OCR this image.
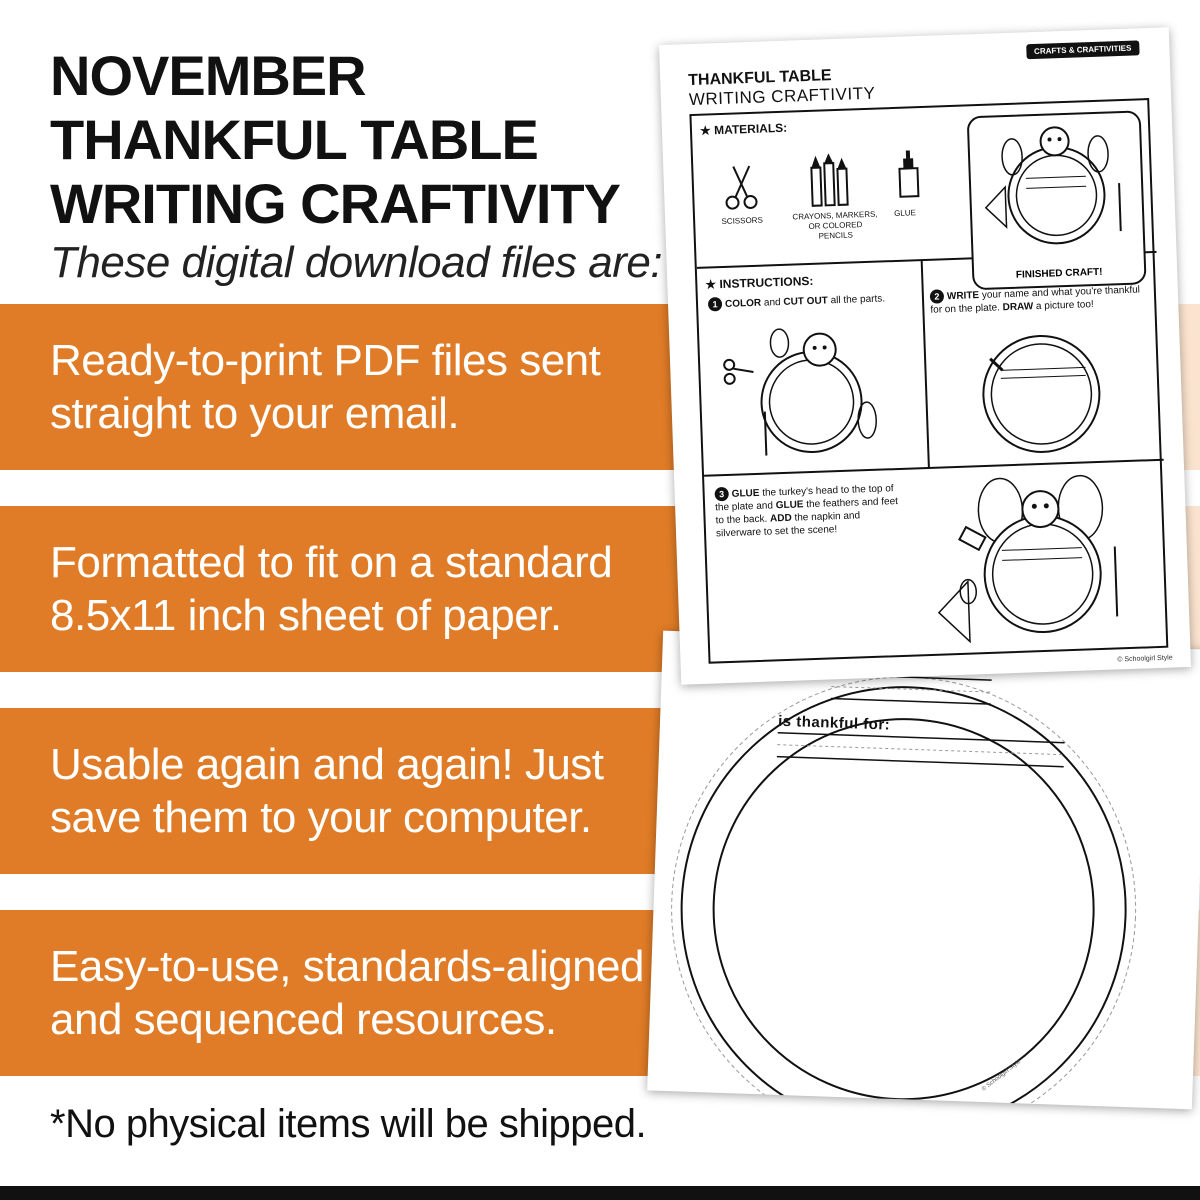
NOVEMBER
THANKFUL TABLE
WRITING CRAFTIVITY
These digital download files are:
Ready-to-print PDF files sent straight to your email.
Formatted to fit on a standard 8.5x11 inch sheet of paper.
Usable again and again! Just save them to your computer.
Easy-to-use, standards-aligned and sequenced resources.
*No physical items will be shipped.
is thankful for:
© Schoolgirl Style
CRAFTS & CRAFTIVITIES
THANKFUL TABLE
WRITING CRAFTIVITY
★ MATERIALS:
SCISSORS	CRAYONS, MARKERS, OR COLORED PENCILS
GLUE
FINISHED CRAFT!
★ INSTRUCTIONS:
1 COLOR and CUT OUT all the parts.	2 WRITE your name and what you're thankful for on the plate. DRAW a picture too!
3 GLUE the turkey's head to the top of the plate and GLUE the feathers and feet to the back. ADD the napkin and silverware to set the scene!
© Schoolgirl Style
